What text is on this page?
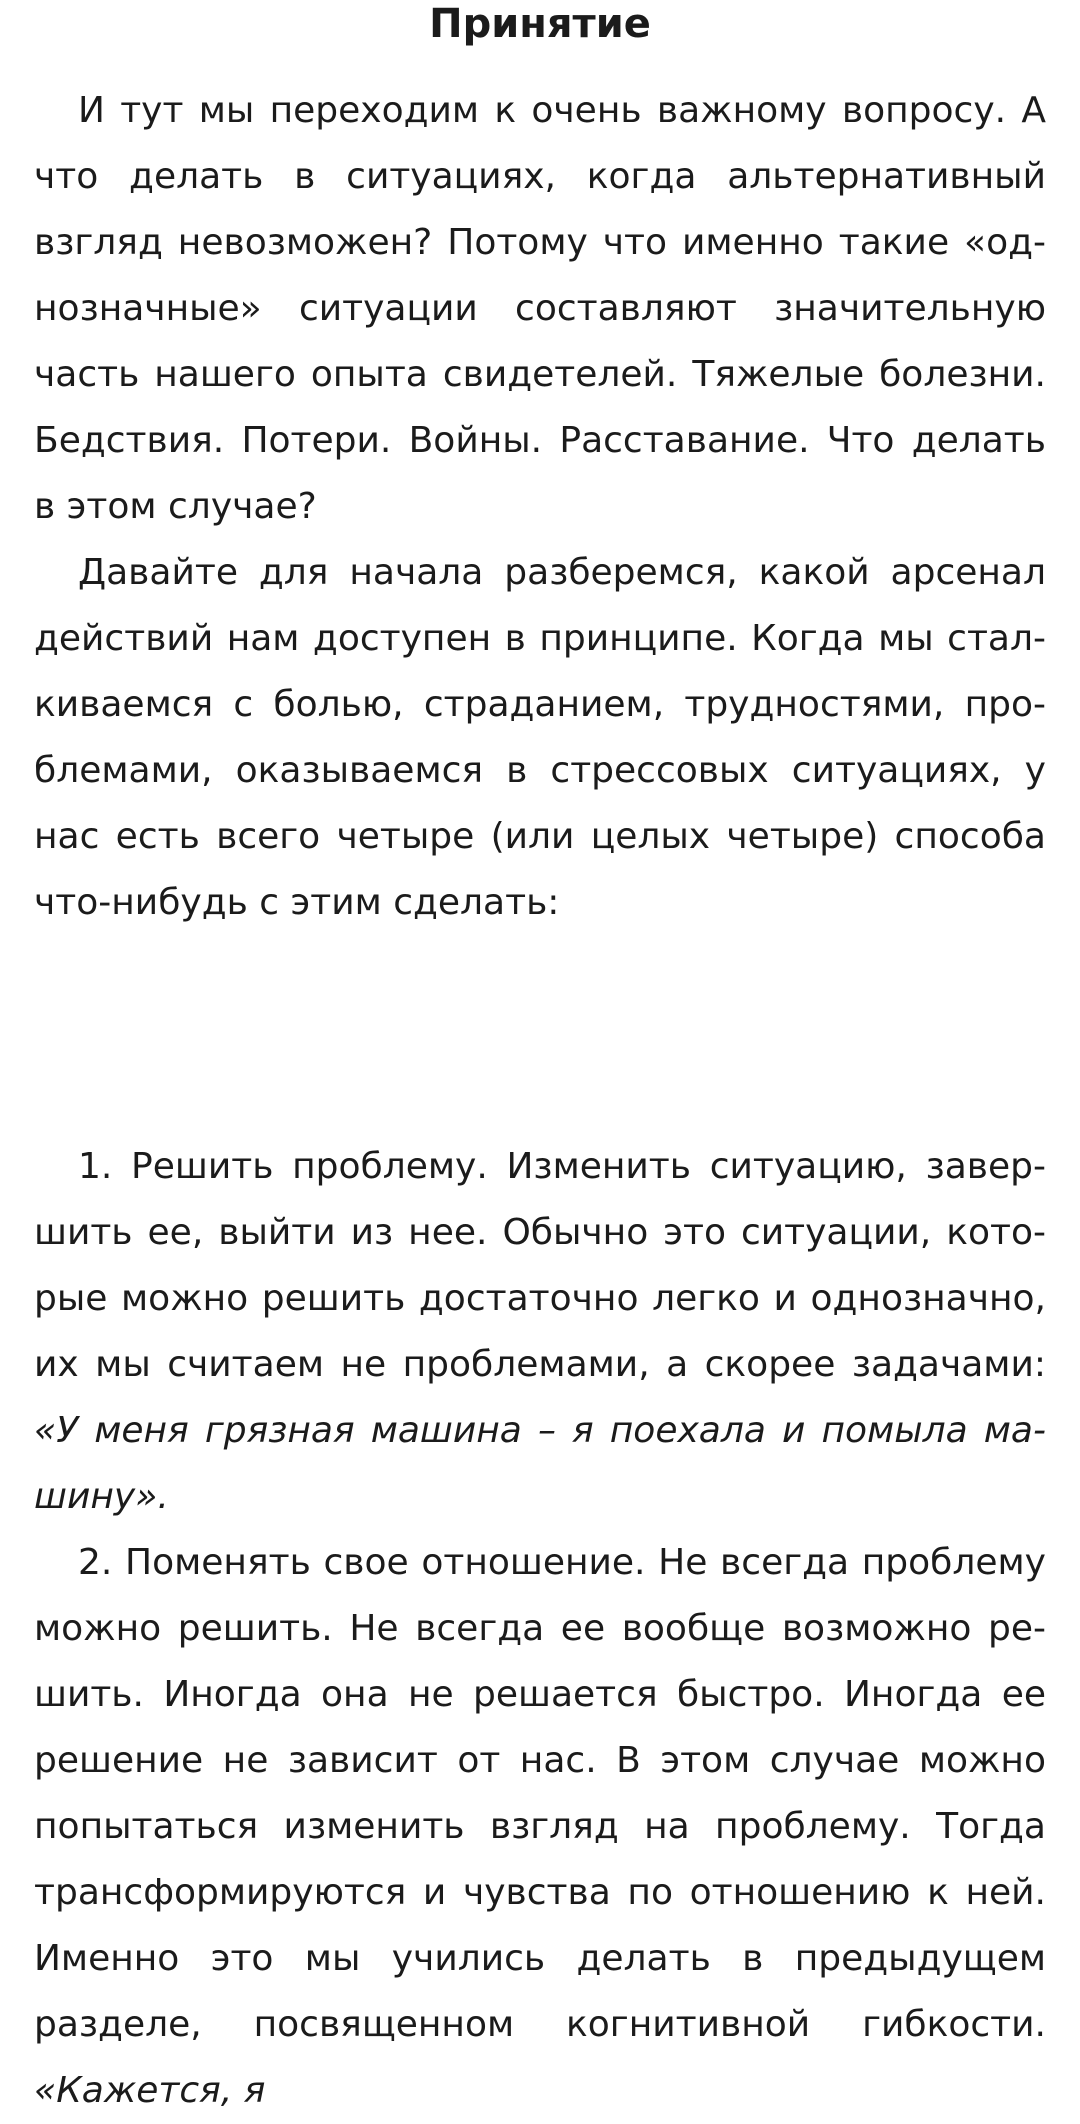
Принятие

И тут мы переходим к очень важному вопросу. А что делать в ситуациях, когда альтернативный взгляд невозможен? Потому что именно такие «однозначные» ситуации составляют значительную часть нашего опыта свидетелей. Тяжелые болезни. Бедствия. Потери. Войны. Расставание. Что делать в этом случае?

Давайте для начала разберемся, какой арсенал действий нам доступен в принципе. Когда мы сталкиваемся с болью, страданием, трудностями, проблемами, оказываемся в стрессовых ситуациях, у нас есть всего четыре (или целых четыре) способа что-нибудь с этим сделать:

1. Решить проблему. Изменить ситуацию, завершить ее, выйти из нее. Обычно это ситуации, которые можно решить достаточно легко и однозначно, их мы считаем не проблемами, а скорее задачами: «У меня грязная машина – я поехала и помыла машину».

2. Поменять свое отношение. Не всегда проблему можно решить. Не всегда ее вообще возможно решить. Иногда она не решается быстро. Иногда ее решение не зависит от нас. В этом случае можно попытаться изменить взгляд на проблему. Тогда трансформируются и чувства по отношению к ней. Именно это мы учились делать в предыдущем разделе, посвященном когнитивной гибкости. «Кажется, я
